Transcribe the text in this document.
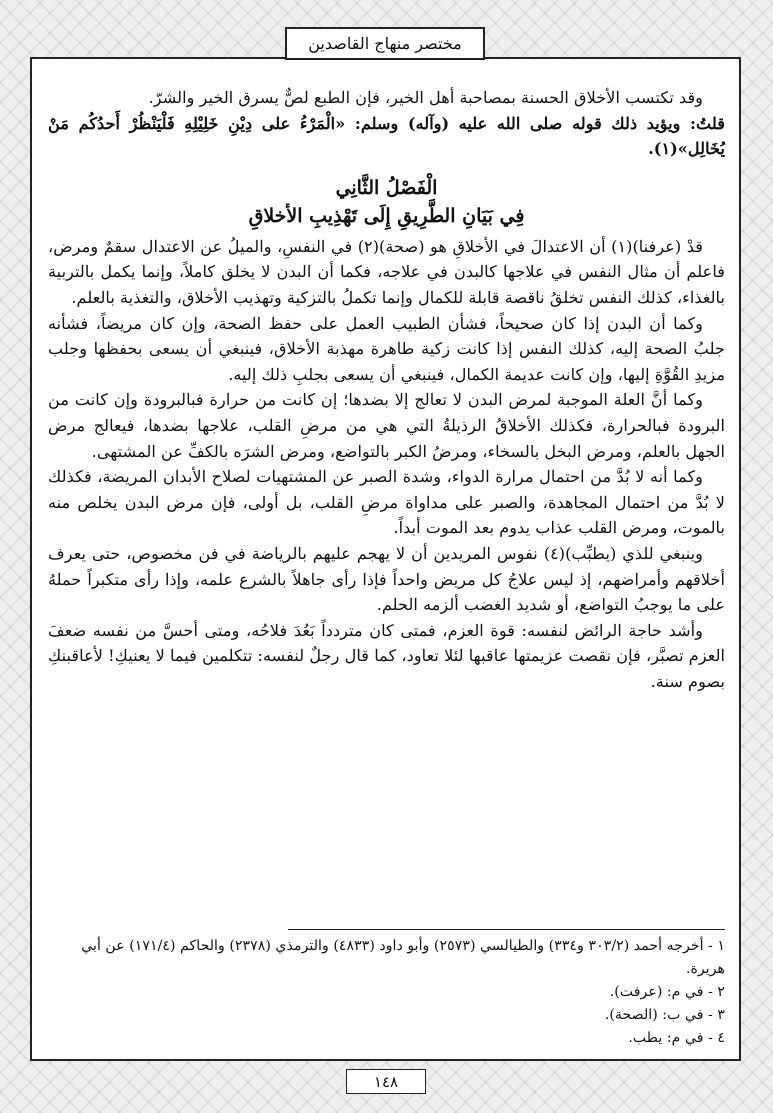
مختصر منهاج القاصدين

وقد تكتسب الأخلاق الحسنة بمصاحبة أهل الخير، فإن الطبع لصٌّ يسرق الخير والشرّ.

قلتُ: ويؤيد ذلك قوله صلى الله عليه (وآله) وسلم: «الْمَرْءُ على دِيْنِ خَلِيْلِهِ فَلْيَنْظُرْ أَحدُكُم مَنْ يُخَالِل»(١).

الْفَصْلُ الثَّانِي
فِي بَيَانِ الطَّرِيقِ إِلَى تَهْذِيبِ الأخلاقِ

قدْ (عرفنا)(١) أن الاعتدالَ في الأخلاقِ هو (صحة)(٢) في النفسِ، والميلُ عن الاعتدال سقمٌ ومرض، فاعلم أن مثال النفس في علاجها كالبدن في علاجه، فكما أن البدن لا يخلق كاملاً، وإنما يكمل بالتربية بالغذاء، كذلك النفس تخلقُ ناقصة قابلة للكمال وإنما تكملُ بالتزكية وتهذيب الأخلاق، والتغذية بالعلم.

وكما أن البدن إذا كان صحيحاً، فشأن الطبيب العمل على حفظ الصحة، وإن كان مريضاً، فشأنه جلبُ الصحة إليه، كذلك النفس إذا كانت زكية طاهرة مهذبة الأخلاق، فينبغي أن يسعى بحفظها وجلب مزيدِ القُوَّةِ إليها، وإن كانت عديمة الكمال، فينبغي أن يسعى بجلبِ ذلك إليه.

وكما أنَّ العلة الموجبة لمرض البدن لا تعالج إلا بضدها؛ إن كانت من حرارة فبالبرودة وإن كانت من البرودة فبالحرارة، فكذلك الأخلاقُ الرذيلةُ التي هي من مرضِ القلب، علاجها بضدها، فيعالج مرض الجهل بالعلم، ومرض البخل بالسخاء، ومرضُ الكبر بالتواضع، ومرض الشرَه بالكفِّ عن المشتهى.

وكما أنه لا بُدَّ من احتمال مرارة الدواء، وشدة الصبر عن المشتهيات لصلاح الأبدان المريضة، فكذلك لا بُدَّ من احتمال المجاهدة، والصبر على مداواة مرضِ القلب، بل أولى، فإن مرض البدن يخلص منه بالموت، ومرض القلب عذاب يدوم بعد الموت أبداً.

وينبغي للذي (يطبِّب)(٤) نفوس المريدين أن لا يهجم عليهم بالرياضة في فن مخصوص، حتى يعرف أخلاقهم وأمراضهم، إذ ليس علاجُ كل مريض واحداً فإذا رأى جاهلاً بالشرع علمه، وإذا رأى متكبراً حملهُ على ما يوجبُ التواضع، أو شديد الغضب ألزمه الحلم.

وأشد حاجة الرائض لنفسه: قوة العزم، فمتى كان متردداً بَعُدَ فلاحُه، ومتى أحسَّ من نفسه ضعفَ العزم تصبَّر، فإن نقصت عزيمتها عاقبها لئلا تعاود، كما قال رجلٌ لنفسه: تتكلمين فيما لا يعنيكِ! لأعاقبنكِ بصوم سنة.

١ - أخرجه أحمد (٣٠٣/٢ و٣٣٤) والطيالسي (٢٥٧٣) وأبو داود (٤٨٣٣) والترمذي (٢٣٧٨) والحاكم (١٧١/٤) عن أبي هريرة.
٢ - في م: (عرفت).
٣ - في ب: (الصحة).
٤ - في م: يطب.
١٤٨
